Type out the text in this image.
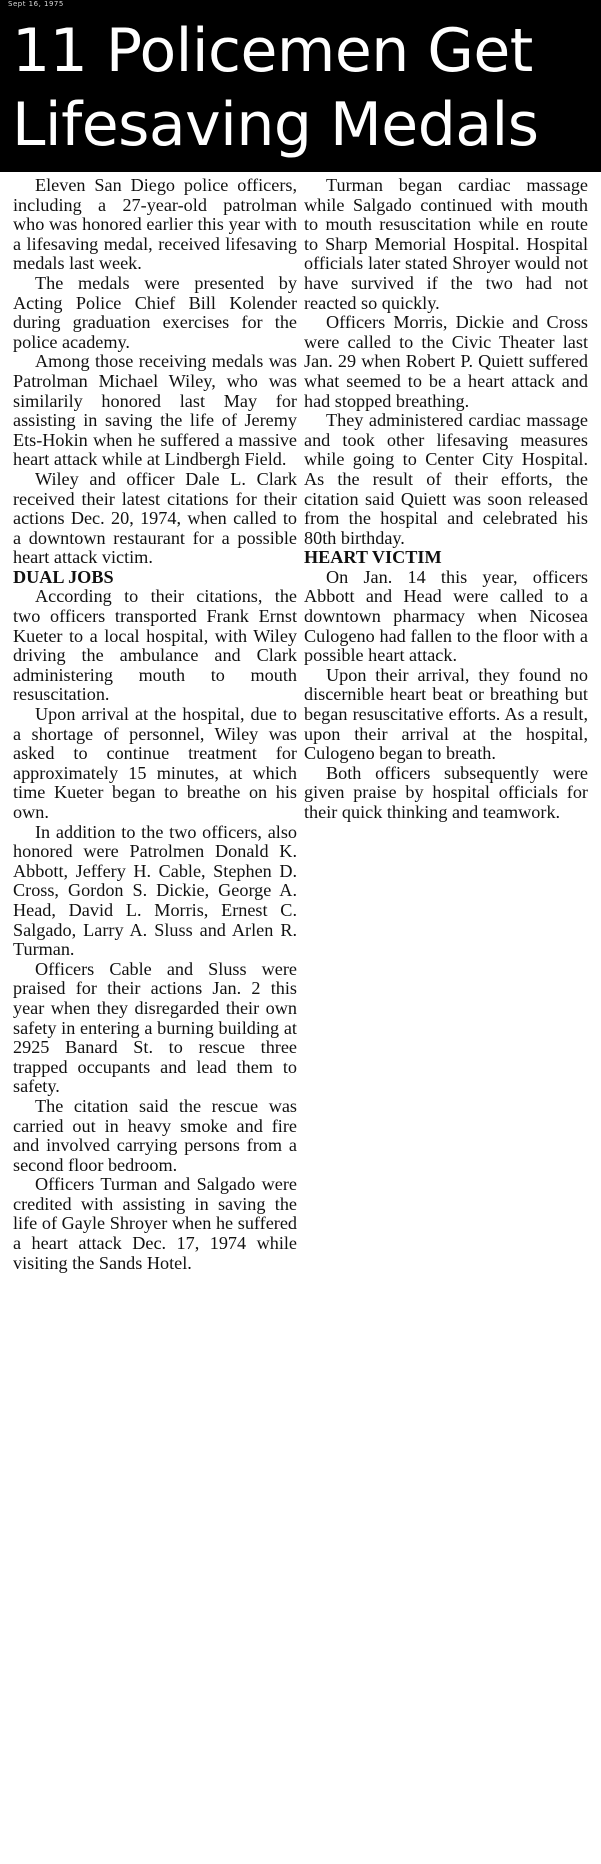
Sept 16, 1975
11 Policemen Get Lifesaving Medals

Eleven San Diego police officers, including a 27-year-old patrolman who was honored earlier this year with a lifesaving medal, received lifesaving medals last week.

The medals were presented by Acting Police Chief Bill Kolender during graduation exercises for the police academy.

Among those receiving medals was Patrolman Michael Wiley, who was similarily honored last May for assisting in saving the life of Jeremy Ets-Hokin when he suffered a massive heart attack while at Lindbergh Field.

Wiley and officer Dale L. Clark received their latest citations for their actions Dec. 20, 1974, when called to a downtown restaurant for a possible heart attack victim.

DUAL JOBS

According to their citations, the two officers transported Frank Ernst Kueter to a local hospital, with Wiley driving the ambulance and Clark administering mouth to mouth resuscitation.

Upon arrival at the hospital, due to a shortage of personnel, Wiley was asked to continue treatment for approximately 15 minutes, at which time Kueter began to breathe on his own.

In addition to the two officers, also honored were Patrolmen Donald K. Abbott, Jeffery H. Cable, Stephen D. Cross, Gordon S. Dickie, George A. Head, David L. Morris, Ernest C. Salgado, Larry A. Sluss and Arlen R. Turman.

Officers Cable and Sluss were praised for their actions Jan. 2 this year when they disregarded their own safety in entering a burning building at 2925 Banard St. to rescue three trapped occupants and lead them to safety.

The citation said the rescue was carried out in heavy smoke and fire and involved carrying persons from a second floor bedroom.

Officers Turman and Salgado were credited with assisting in saving the life of Gayle Shroyer when he suffered a heart attack Dec. 17, 1974 while visiting the Sands Hotel.

Turman began cardiac massage while Salgado continued with mouth to mouth resuscitation while en route to Sharp Memorial Hospital. Hospital officials later stated Shroyer would not have survived if the two had not reacted so quickly.

Officers Morris, Dickie and Cross were called to the Civic Theater last Jan. 29 when Robert P. Quiett suffered what seemed to be a heart attack and had stopped breathing.

They administered cardiac massage and took other lifesaving measures while going to Center City Hospital. As the result of their efforts, the citation said Quiett was soon released from the hospital and celebrated his 80th birthday.

HEART VICTIM

On Jan. 14 this year, officers Abbott and Head were called to a downtown pharmacy when Nicosea Culogeno had fallen to the floor with a possible heart attack.

Upon their arrival, they found no discernible heart beat or breathing but began resuscitative efforts. As a result, upon their arrival at the hospital, Culogeno began to breath.

Both officers subsequently were given praise by hospital officials for their quick thinking and teamwork.
